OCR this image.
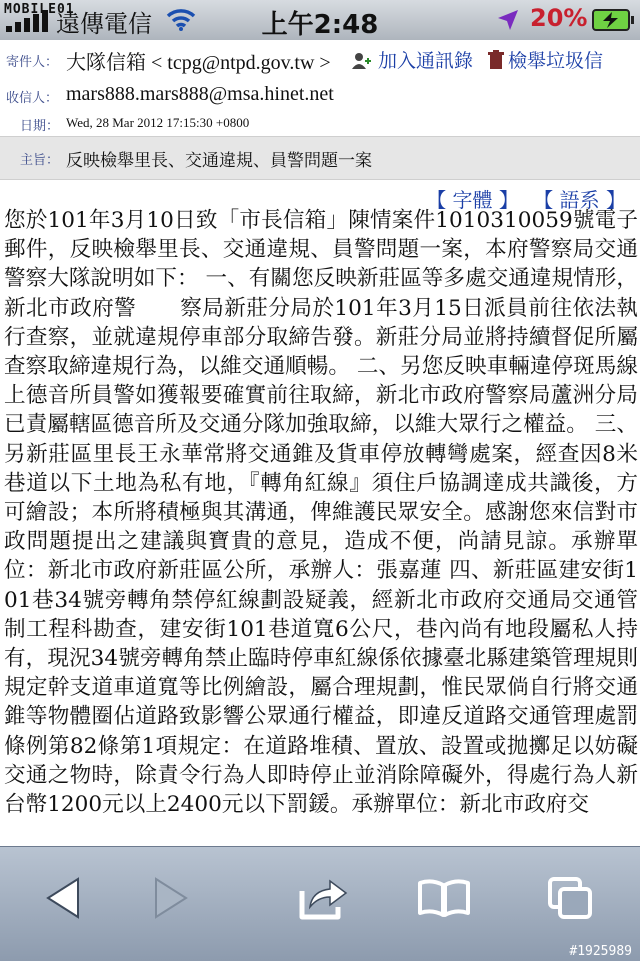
MOBILE01
遠傳電信	上午2:48	20%
寄件人： 大隊信箱 < tcpg@ntpd.gov.tw > 加入通訊錄 檢舉垃圾信
收信人： mars888.mars888@msa.hinet.net
日期： Wed, 28 Mar 2012 17:15:30 +0800
主旨： 反映檢舉里長、交通違規、員警問題一案
【 字體 】 【 語系 】
您於101年3月10日致「市長信箱」陳情案件1010310059號電子郵件，反映檢舉里長、交通違規、員警問題一案，本府警察局交通警察大隊說明如下： 一、有關您反映新莊區等多處交通違規情形，新北市政府警　　察局新莊分局於101年3月15日派員前往依法執行查察，並就違規停車部分取締告發。新莊分局並將持續督促所屬查察取締違規行為，以維交通順暢。 二、另您反映車輛違停斑馬線上德音所員警如獲報要確實前往取締，新北市政府警察局蘆洲分局已責屬轄區德音所及交通分隊加強取締，以維大眾行之權益。 三、另新莊區里長王永華常將交通錐及貨車停放轉彎處案，經查因8米巷道以下土地為私有地，『轉角紅線』須住戶協調達成共識後，方可繪設；本所將積極與其溝通，俾維護民眾安全。感謝您來信對市政問題提出之建議與寶貴的意見，造成不便，尚請見諒。承辦單位：新北市政府新莊區公所，承辦人：張嘉蓮 四、新莊區建安街101巷34號旁轉角禁停紅線劃設疑義，經新北市政府交通局交通管制工程科勘查，建安街101巷道寬6公尺，巷內尚有地段屬私人持有，現況34號旁轉角禁止臨時停車紅線係依據臺北縣建築管理規則規定幹支道車道寬等比例繪設，屬合理規劃，惟民眾倘自行將交通錐等物體圈佔道路致影響公眾通行權益，即違反道路交通管理處罰條例第82條第1項規定：在道路堆積、置放、設置或拋擲足以妨礙交通之物時，除責令行為人即時停止並消除障礙外，得處行為人新台幣1200元以上2400元以下罰鍰。承辦單位：新北市政府交
#1925989
